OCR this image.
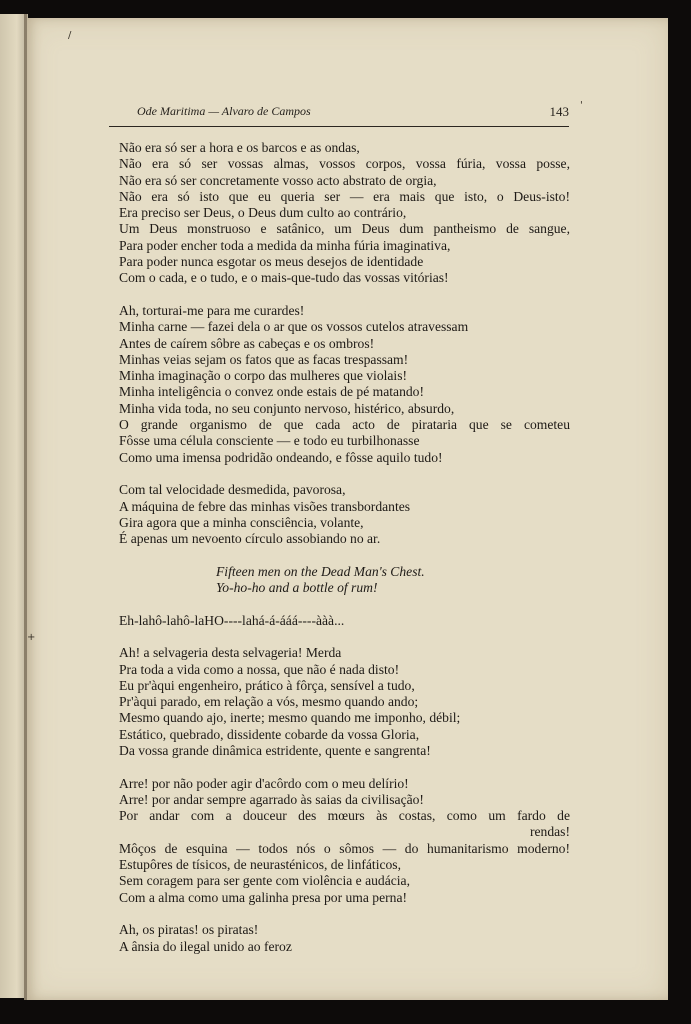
/
'
+
Ode Maritima — Alvaro de Campos	143
Não era só ser a hora e os barcos e as ondas,
Não era só ser vossas almas, vossos corpos, vossa fúria, vossa posse,
Não era só ser concretamente vosso acto abstrato de orgia,
Não era só isto que eu queria ser — era mais que isto, o Deus-isto!
Era preciso ser Deus, o Deus dum culto ao contrário,
Um Deus monstruoso e satânico, um Deus dum pantheismo de sangue,
Para poder encher toda a medida da minha fúria imaginativa,
Para poder nunca esgotar os meus desejos de identidade
Com o cada, e o tudo, e o mais-que-tudo das vossas vitórias!
Ah, torturai-me para me curardes!
Minha carne — fazei dela o ar que os vossos cutelos atravessam
Antes de caírem sôbre as cabeças e os ombros!
Minhas veias sejam os fatos que as facas trespassam!
Minha imaginação o corpo das mulheres que violais!
Minha inteligência o convez onde estais de pé matando!
Minha vida toda, no seu conjunto nervoso, histérico, absurdo,
O grande organismo de que cada acto de pirataria que se cometeu
Fôsse uma célula consciente — e todo eu turbilhonasse
Como uma imensa podridão ondeando, e fôsse aquilo tudo!
Com tal velocidade desmedida, pavorosa,
A máquina de febre das minhas visões transbordantes
Gira agora que a minha consciência, volante,
É apenas um nevoento círculo assobiando no ar.
Fifteen men on the Dead Man's Chest.
Yo-ho-ho and a bottle of rum!
Eh-lahô-lahô-laHO----lahá-á-ááá----ààà...
Ah! a selvageria desta selvageria! Merda
Pra toda a vida como a nossa, que não é nada disto!
Eu pr'àqui engenheiro, prático à fôrça, sensível a tudo,
Pr'àqui parado, em relação a vós, mesmo quando ando;
Mesmo quando ajo, inerte; mesmo quando me imponho, débil;
Estático, quebrado, dissidente cobarde da vossa Gloria,
Da vossa grande dinâmica estridente, quente e sangrenta!
Arre! por não poder agir d'acôrdo com o meu delírio!
Arre! por andar sempre agarrado às saias da civilisação!
Por andar com a douceur des mœurs às costas, como um fardo de
rendas!
Môços de esquina — todos nós o sômos — do humanitarismo moderno!
Estupôres de tísicos, de neurasténicos, de linfáticos,
Sem coragem para ser gente com violência e audácia,
Com a alma como uma galinha presa por uma perna!
Ah, os piratas! os piratas!
A ânsia do ilegal unido ao feroz
